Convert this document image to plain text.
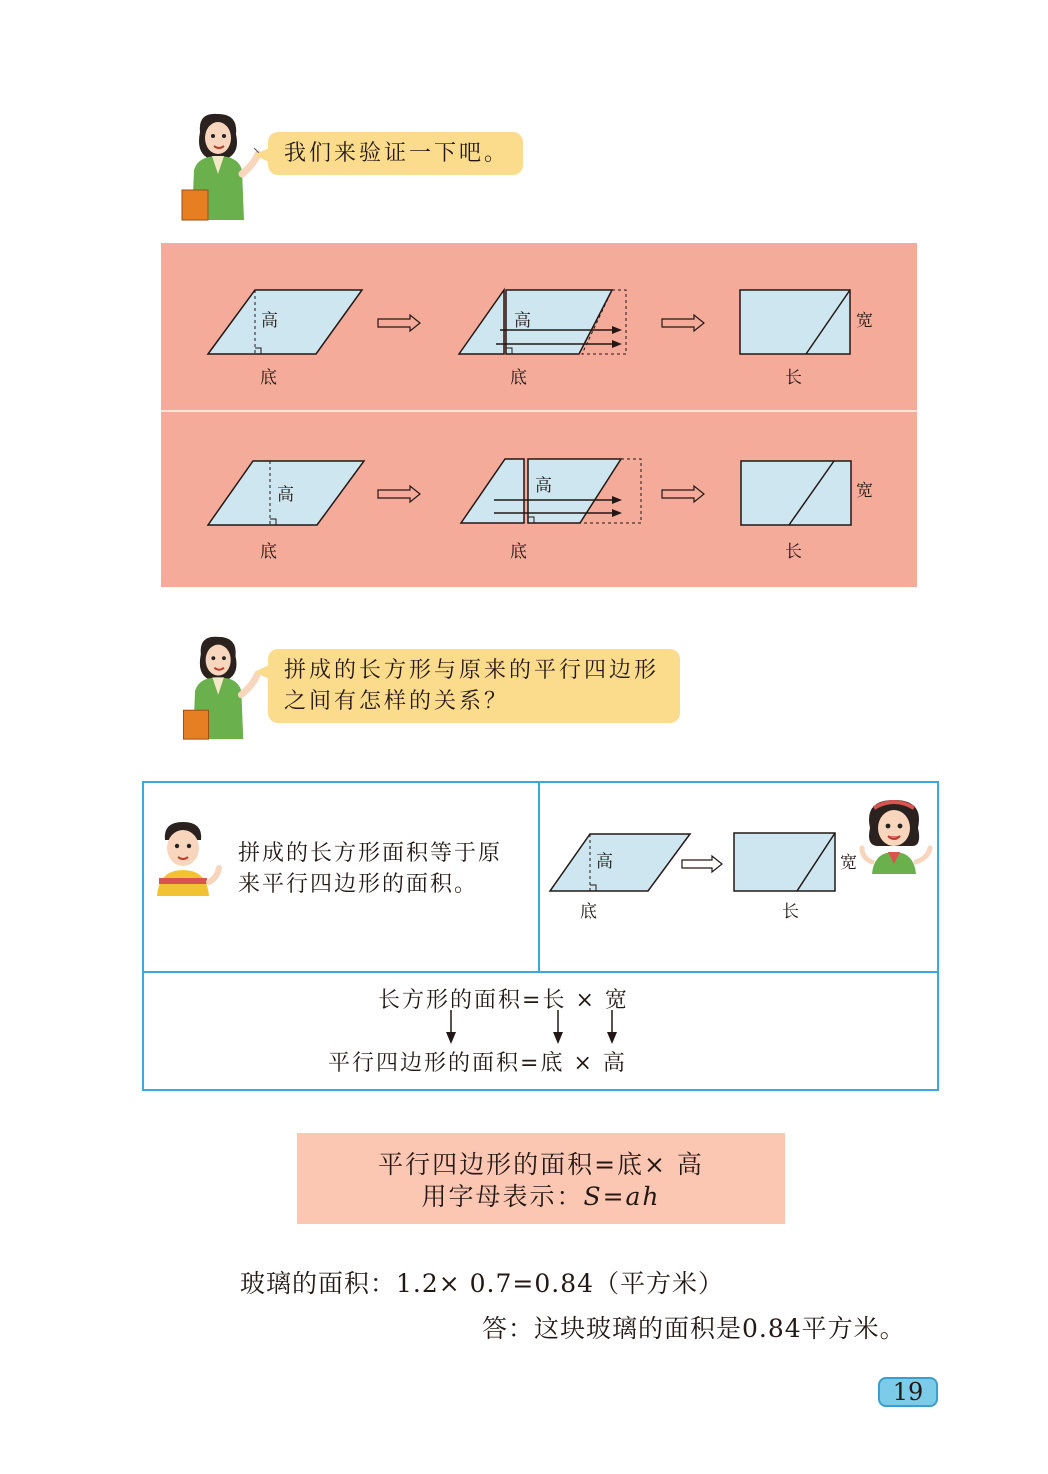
我们来验证一下吧。
高
底
高
底
宽
长
高
底
高
底
宽
长
拼成的长方形与原来的平行四边形
之间有怎样的关系？
拼成的长方形面积等于原
来平行四边形的面积。
高
底
宽
长
长方形的面积=长 × 宽
平行四边形的面积=底 × 高
平行四边形的面积=底× 高
用字母表示：S=ah
玻璃的面积：1.2× 0.7=0.84（平方米）
答：这块玻璃的面积是0.84平方米。
19
